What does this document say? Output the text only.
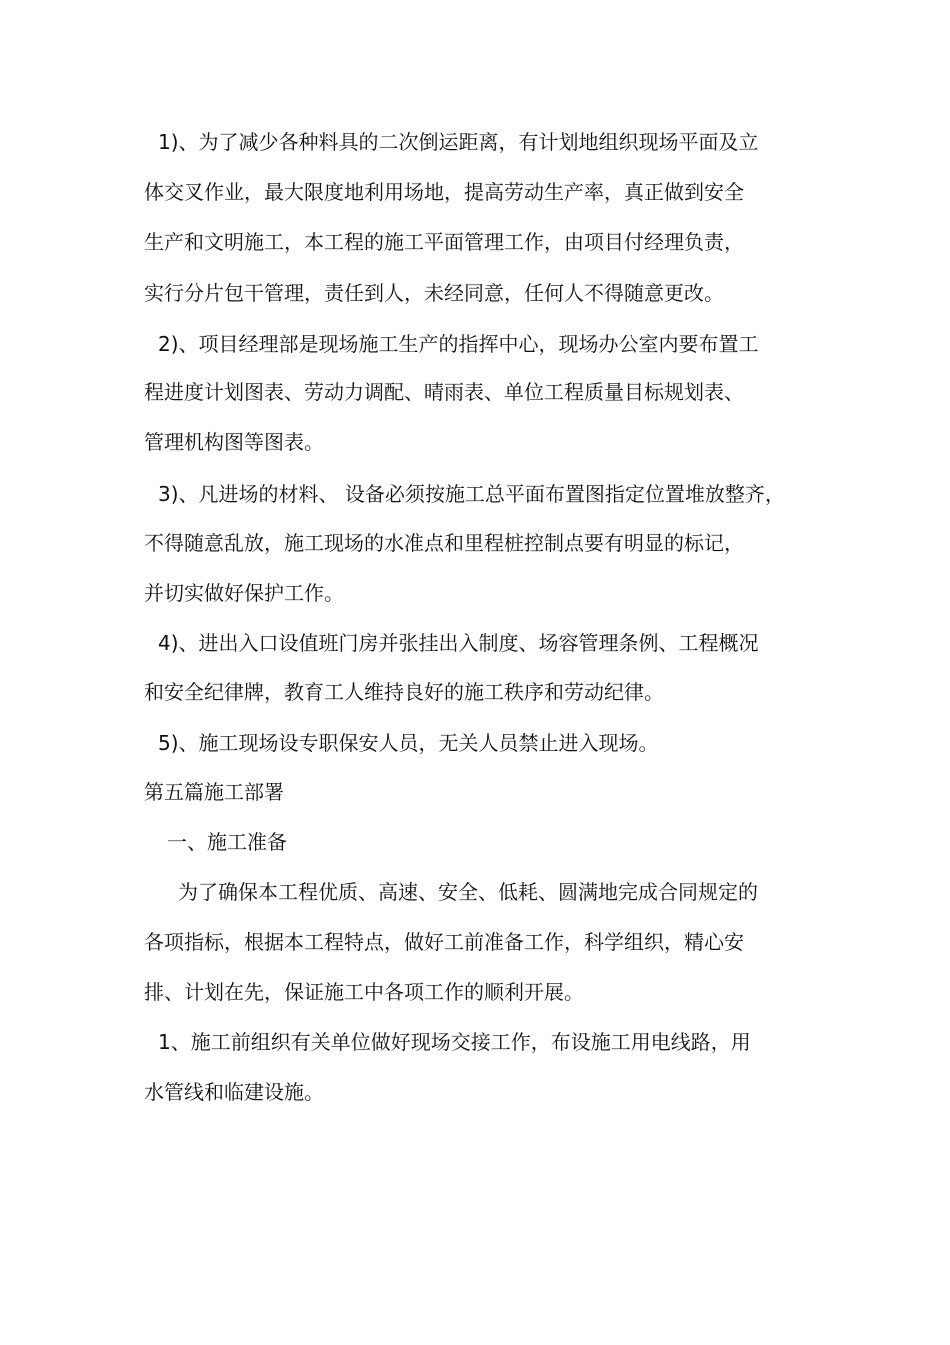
1)、为了减少各种料具的二次倒运距离，有计划地组织现场平面及立
体交叉作业，最大限度地利用场地，提高劳动生产率，真正做到安全
生产和文明施工，本工程的施工平面管理工作，由项目付经理负责，
实行分片包干管理，责任到人，未经同意，任何人不得随意更改。
2)、项目经理部是现场施工生产的指挥中心，现场办公室内要布置工
程进度计划图表、劳动力调配、晴雨表、单位工程质量目标规划表、
管理机构图等图表。
3)、凡进场的材料、 设备必须按施工总平面布置图指定位置堆放整齐，
不得随意乱放，施工现场的水准点和里程桩控制点要有明显的标记，
并切实做好保护工作。
4)、进出入口设值班门房并张挂出入制度、场容管理条例、工程概况
和安全纪律牌，教育工人维持良好的施工秩序和劳动纪律。
5)、施工现场设专职保安人员，无关人员禁止进入现场。
第五篇施工部署
一、施工准备
为了确保本工程优质、高速、安全、低耗、圆满地完成合同规定的
各项指标，根据本工程特点，做好工前准备工作，科学组织，精心安
排、计划在先，保证施工中各项工作的顺利开展。
1、施工前组织有关单位做好现场交接工作，布设施工用电线路，用
水管线和临建设施。
